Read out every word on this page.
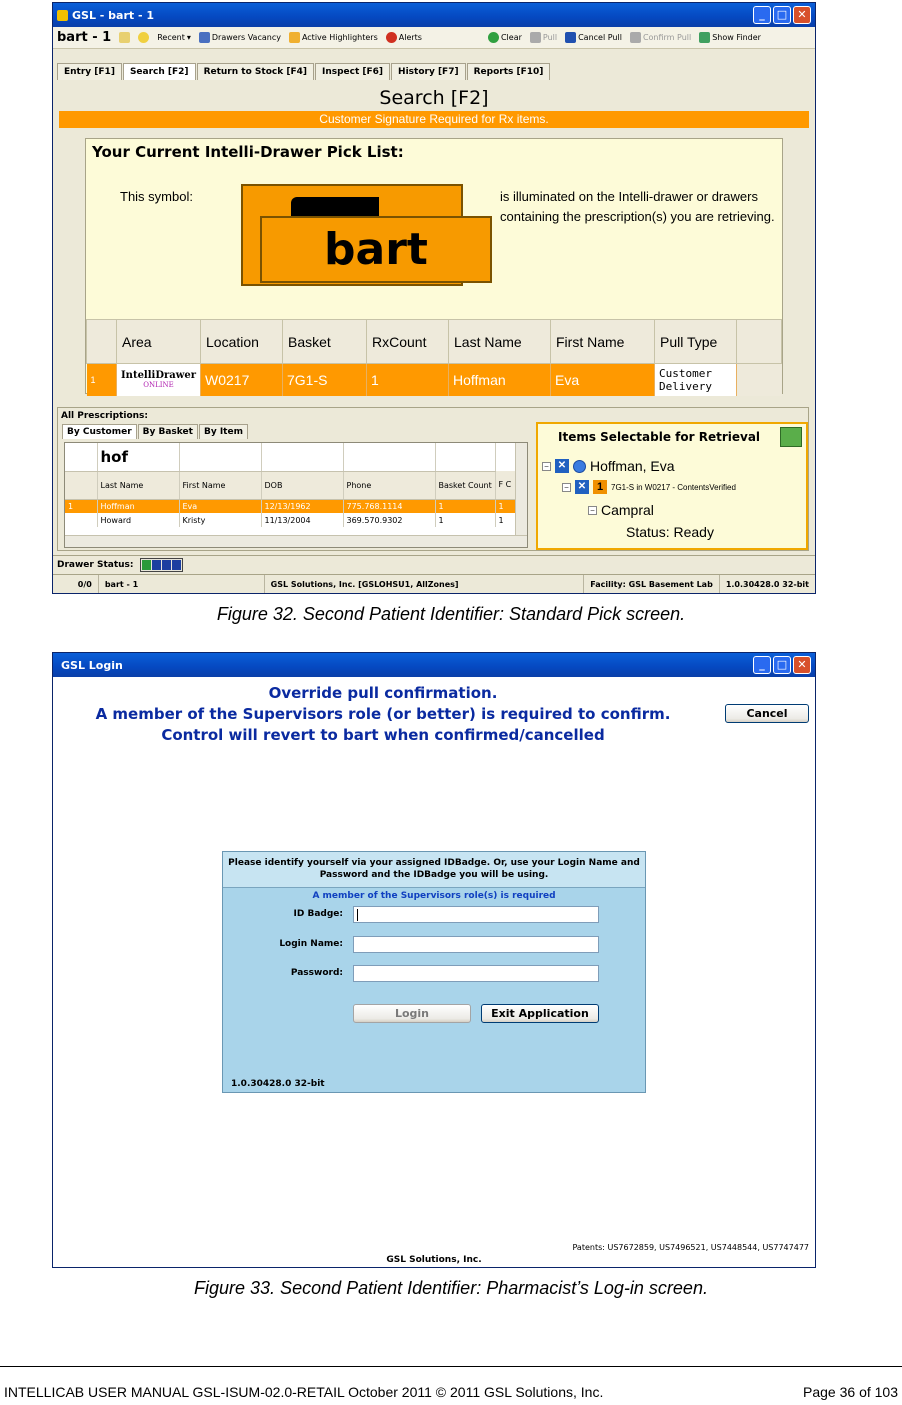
GSL - bart - 1	_	□ ✕
bart - 1	Recent ▾	Drawers Vacancy	Active Highlighters	Alerts	Clear	Pull	Cancel Pull	Confirm Pull	Show Finder
Entry [F1]	Search [F2]	Return to Stock [F4]	Inspect [F6]	History [F7]	Reports [F10]
Search [F2]
Customer Signature Required for Rx items.
Your Current Intelli-Drawer Pick List:
This symbol:
bart
is illuminated on the Intelli-drawer or drawers containing the prescription(s) you are retrieving.
	Area	Location	Basket	RxCount	Last Name	First Name	Pull Type	
1	IntelliDrawer
ONLINE	W0217	7G1-S	1	Hoffman	Eva	Customer Delivery	
All Prescriptions:
By Customer	By Basket	By Item
	hof					
	Last Name	First Name	DOB	Phone	Basket Count	F C
1	Hoffman	Eva	12/13/1962	775.768.1114	1	1
	Howard	Kristy	11/13/2004	369.570.9302	1	1
Items Selectable for Retrieval
− ✕ Hoffman, Eva
− ✕ 1 7G1-S in W0217 - ContentsVerified
− Campral
Status: Ready
Drawer Status:
0/0	bart - 1	GSL Solutions, Inc. [GSLOHSU1, AllZones]	Facility: GSL Basement Lab	1.0.30428.0 32-bit
Figure 32. Second Patient Identifier: Standard Pick screen.
GSL Login	_	□ ✕
Override pull confirmation.
A member of the Supervisors role (or better) is required to confirm.
Control will revert to bart when confirmed/cancelled
Cancel
Please identify yourself via your assigned IDBadge. Or, use your Login Name and Password and the IDBadge you will be using.
A member of the Supervisors role(s) is required
ID Badge:
Login Name:
Password:
Login	Exit Application
1.0.30428.0 32-bit
Patents: US7672859, US7496521, US7448544, US7747477
GSL Solutions, Inc.
Figure 33. Second Patient Identifier: Pharmacist’s Log-in screen.
INTELLICAB USER MANUAL GSL-ISUM-02.0-RETAIL October 2011 © 2011 GSL Solutions, Inc.	Page 36 of 103
